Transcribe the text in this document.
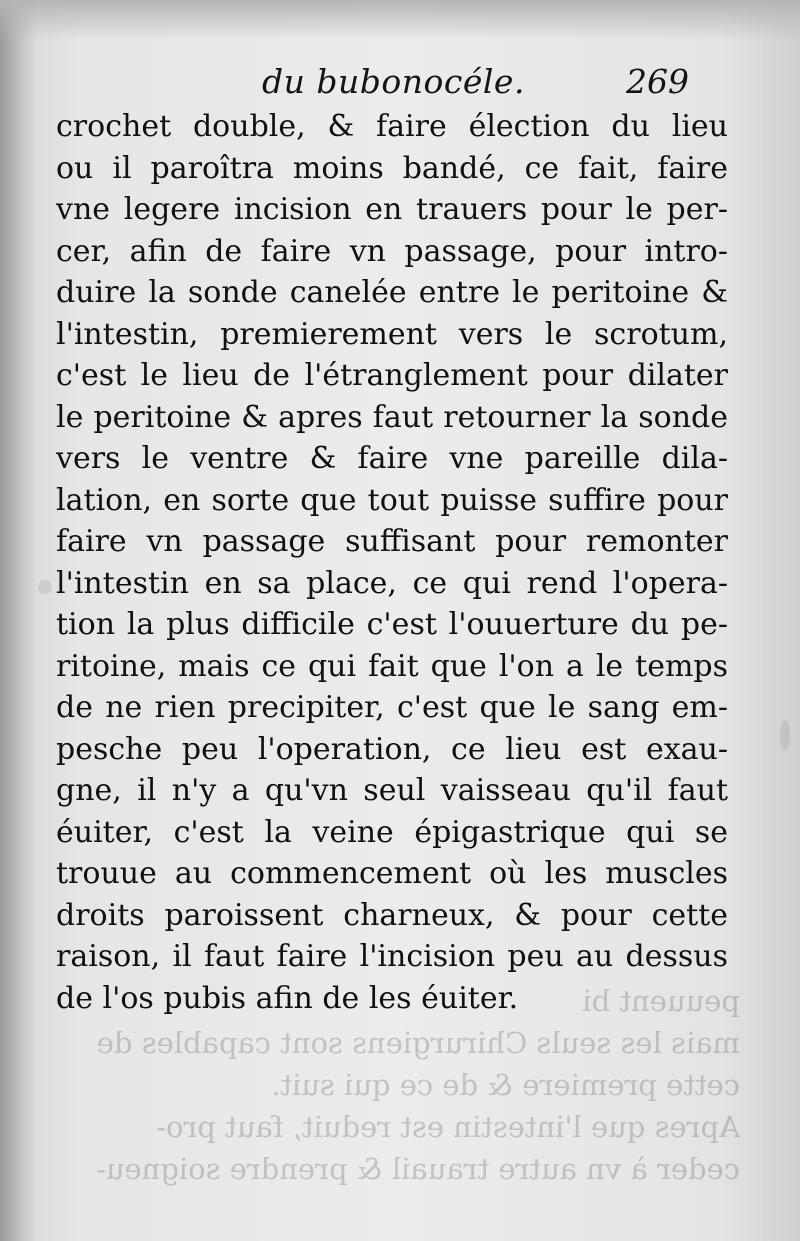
peuuent bi
mais les seuls Chirurgiens sont capables de
cette premiere & de ce qui suit.
Apres que l'intestin est reduit, faut pro-
ceder à vn autre trauail & prendre soigneu-
du bubonocéle.	269
crochet double, & faire élection du lieu
ou il paroîtra moins bandé, ce fait, faire
vne legere incision en trauers pour le per-
cer, afin de faire vn passage, pour intro-
duire la sonde canelée entre le peritoine &
l'intestin, premierement vers le scrotum,
c'est le lieu de l'étranglement pour dilater
le peritoine & apres faut retourner la sonde
vers le ventre & faire vne pareille dila-
lation, en sorte que tout puisse suffire pour
faire vn passage suffisant pour remonter
l'intestin en sa place, ce qui rend l'opera-
tion la plus difficile c'est l'ouuerture du pe-
ritoine, mais ce qui fait que l'on a le temps
de ne rien precipiter, c'est que le sang em-
pesche peu l'operation, ce lieu est exau-
gne, il n'y a qu'vn seul vaisseau qu'il faut
éuiter, c'est la veine épigastrique qui se
trouue au commencement où les muscles
droits paroissent charneux, & pour cette
raison, il faut faire l'incision peu au dessus
de l'os pubis afin de les éuiter.
